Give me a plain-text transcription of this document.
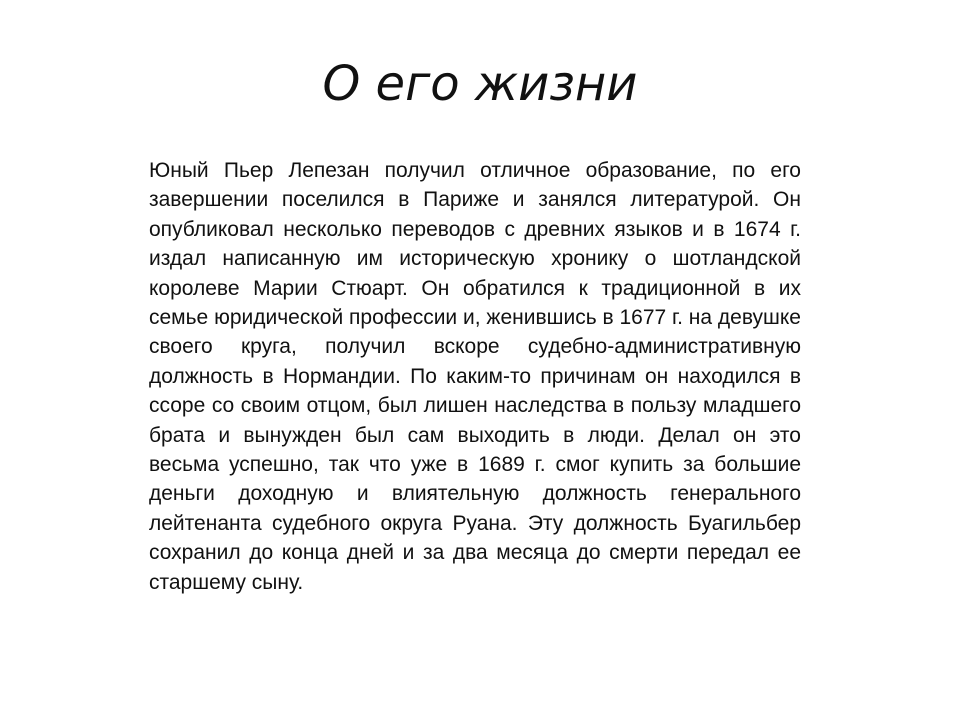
О его жизни

Юный Пьер Лепезан получил отличное образование, по его завершении поселился в Париже и занялся литературой. Он опубликовал несколько переводов с древних языков и в 1674 г. издал написанную им историческую хронику о шотландской королеве Марии Стюарт. Он обратился к традиционной в их семье юридической профессии и, женившись в 1677 г. на девушке своего круга, получил вскоре судебно-административную должность в Нормандии. По каким-то причинам он находился в ссоре со своим отцом, был лишен наследства в пользу младшего брата и вынужден был сам выходить в люди. Делал он это весьма успешно, так что уже в 1689 г. смог купить за большие деньги доходную и влиятельную должность генерального лейтенанта судебного округа Руана. Эту должность Буагильбер сохранил до конца дней и за два месяца до смерти передал ее старшему сыну.
